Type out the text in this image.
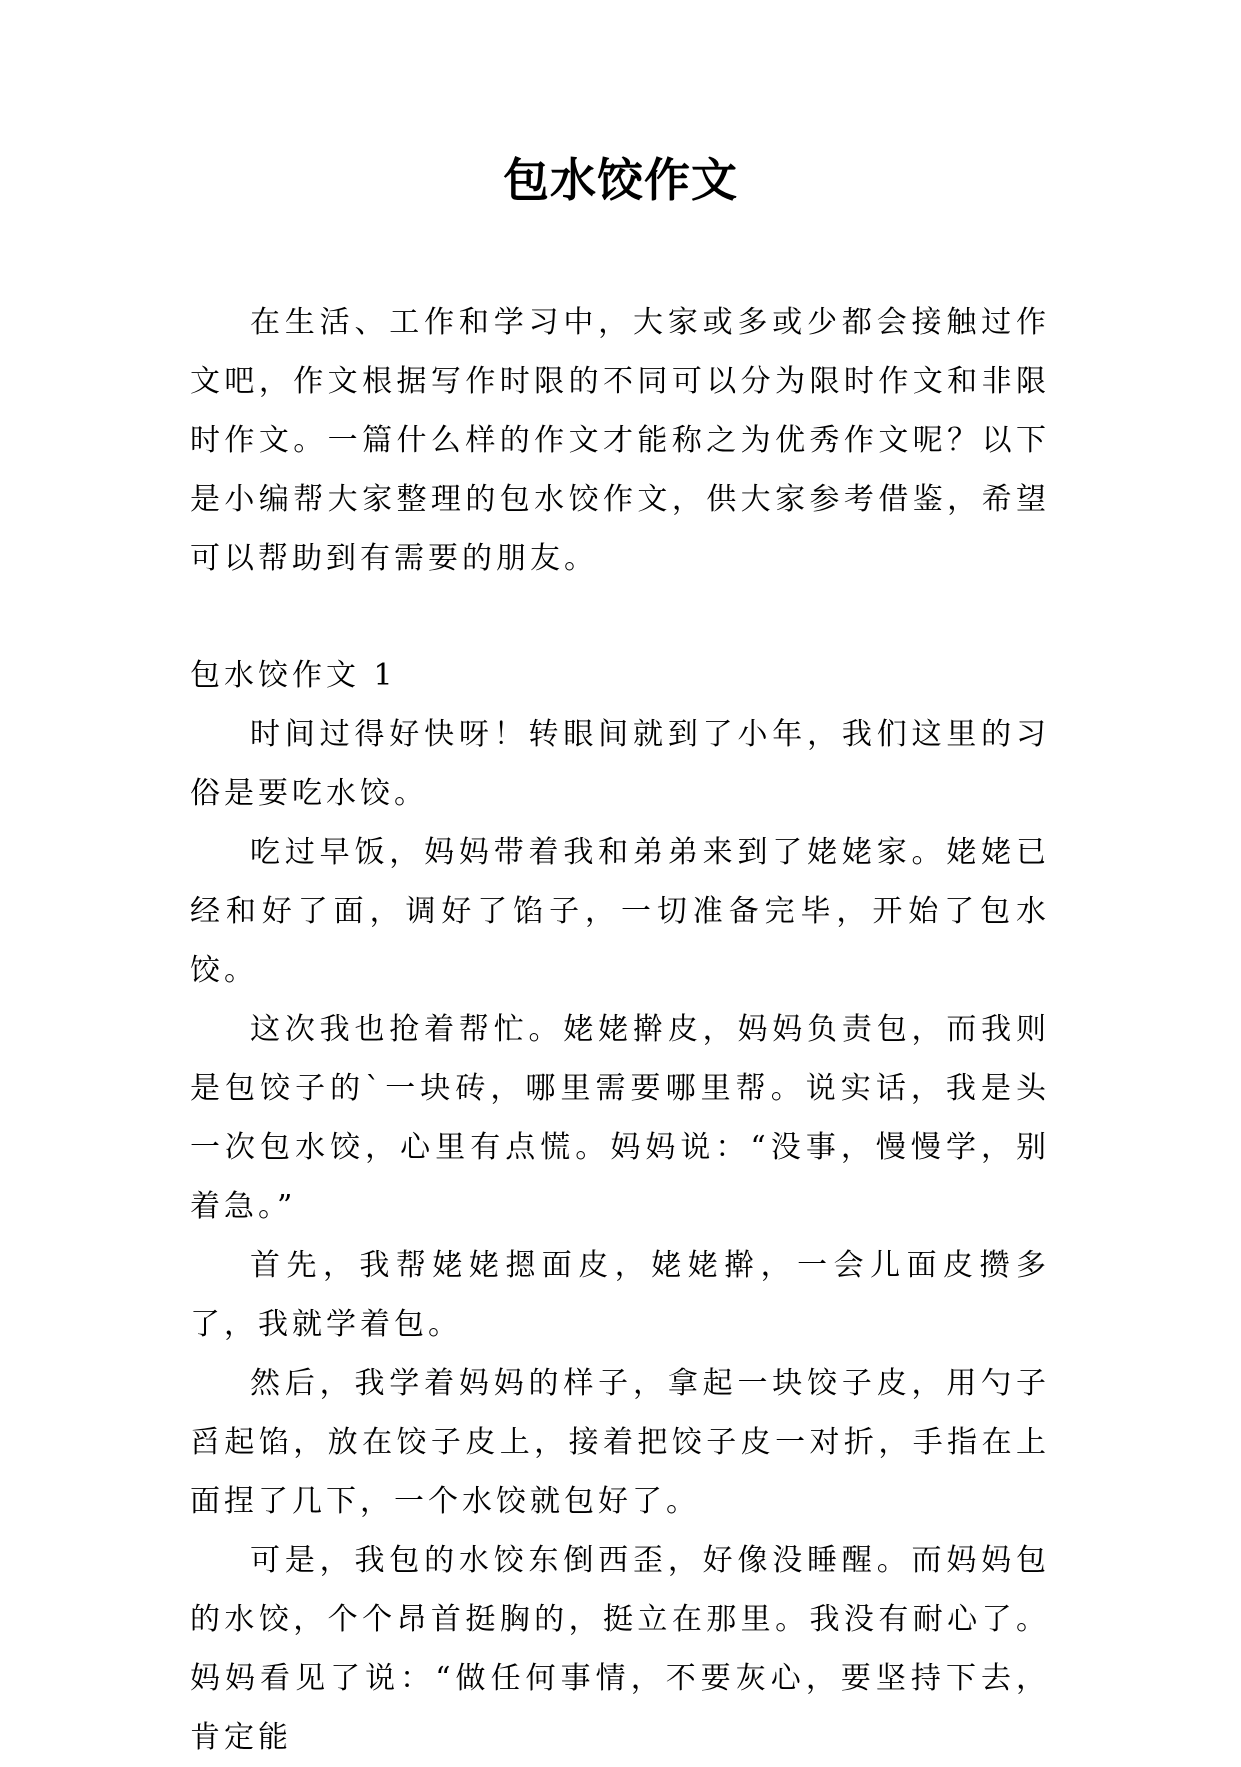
包水饺作文

在生活、工作和学习中，大家或多或少都会接触过作文吧，作文根据写作时限的不同可以分为限时作文和非限时作文。一篇什么样的作文才能称之为优秀作文呢？以下是小编帮大家整理的包水饺作文，供大家参考借鉴，希望可以帮助到有需要的朋友。

包水饺作文 1

时间过得好快呀！转眼间就到了小年，我们这里的习俗是要吃水饺。

吃过早饭，妈妈带着我和弟弟来到了姥姥家。姥姥已经和好了面，调好了馅子，一切准备完毕，开始了包水饺。

这次我也抢着帮忙。姥姥擀皮，妈妈负责包，而我则是包饺子的`一块砖，哪里需要哪里帮。说实话，我是头一次包水饺，心里有点慌。妈妈说：“没事，慢慢学，别着急。”

首先，我帮姥姥摁面皮，姥姥擀，一会儿面皮攒多了，我就学着包。

然后，我学着妈妈的样子，拿起一块饺子皮，用勺子舀起馅，放在饺子皮上，接着把饺子皮一对折，手指在上面捏了几下，一个水饺就包好了。

可是，我包的水饺东倒西歪，好像没睡醒。而妈妈包的水饺，个个昂首挺胸的，挺立在那里。我没有耐心了。妈妈看见了说：“做任何事情，不要灰心，要坚持下去，肯定能
